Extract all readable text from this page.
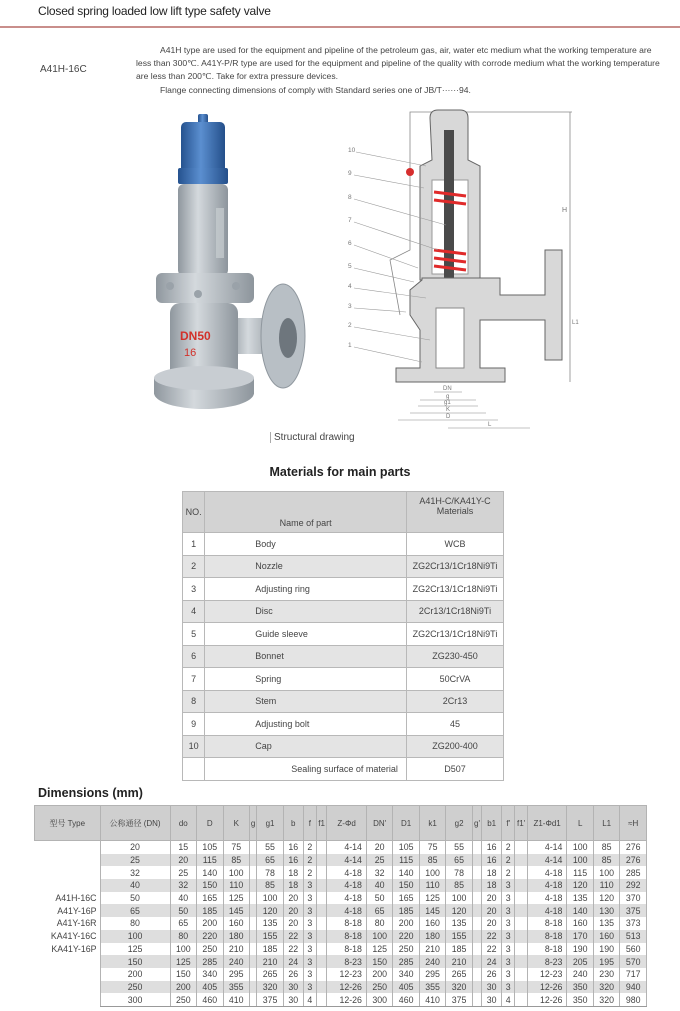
Closed spring loaded low lift type safety valve
A41H-16C

A41H type are used for the equipment and pipeline of the petroleum gas, air, water etc medium what the working temperature are less than 300℃. A41Y-P/R type are used for the equipment and pipeline of the quality with corrode medium what the working temperature are less than 200℃. Take for extra pressure devices.

Flange connecting dimensions of comply with Standard series one of JB/T······94.

DN50
16
H
10
9
8
7
6
5
4
3
2
1
DN
g
g1
K
D
L
L1
Structural drawing
Materials for main parts
NO.	Name of part	A41H-C/KA41Y-C
Materials

1	Body	WCB
2	Nozzle	ZG2Cr13/1Cr18Ni9Ti
3	Adjusting ring	ZG2Cr13/1Cr18Ni9Ti
4	Disc	2Cr13/1Cr18Ni9Ti
5	Guide sleeve	ZG2Cr13/1Cr18Ni9Ti
6	Bonnet	ZG230-450
7	Spring	50CrVA
8	Stem	2Cr13
9	Adjusting bolt	45
10	Cap	ZG200-400
	Sealing surface of material	D507
Dimensions (mm)
型号 Type	公称通径 (DN)	do	D	K	g	g1	b	f	f1	Z-Φd	DN'	D1	k1	g2	g'	b1	f'	f1'	Z1-Φd1	L	L1	≈H
	20	15	105	75		55	16	2		4-14	20	105	75	55		16	2		4-14	100	85	276
	25	20	115	85		65	16	2		4-14	25	115	85	65		16	2		4-14	100	85	276
	32	25	140	100		78	18	2		4-18	32	140	100	78		18	2		4-18	115	100	285
	40	32	150	110		85	18	3		4-18	40	150	110	85		18	3		4-18	120	110	292
A41H-16C	50	40	165	125		100	20	3		4-18	50	165	125	100		20	3		4-18	135	120	370
A41Y-16P	65	50	185	145		120	20	3		4-18	65	185	145	120		20	3		4-18	140	130	375
A41Y-16R	80	65	200	160		135	20	3		8-18	80	200	160	135		20	3		8-18	160	135	373
KA41Y-16C	100	80	220	180		155	22	3		8-18	100	220	180	155		22	3		8-18	170	160	513
KA41Y-16P	125	100	250	210		185	22	3		8-18	125	250	210	185		22	3		8-18	190	190	560
	150	125	285	240		210	24	3		8-23	150	285	240	210		24	3		8-23	205	195	570
	200	150	340	295		265	26	3		12-23	200	340	295	265		26	3		12-23	240	230	717
	250	200	405	355		320	30	3		12-26	250	405	355	320		30	3		12-26	350	320	940
	300	250	460	410		375	30	4		12-26	300	460	410	375		30	4		12-26	350	320	980
